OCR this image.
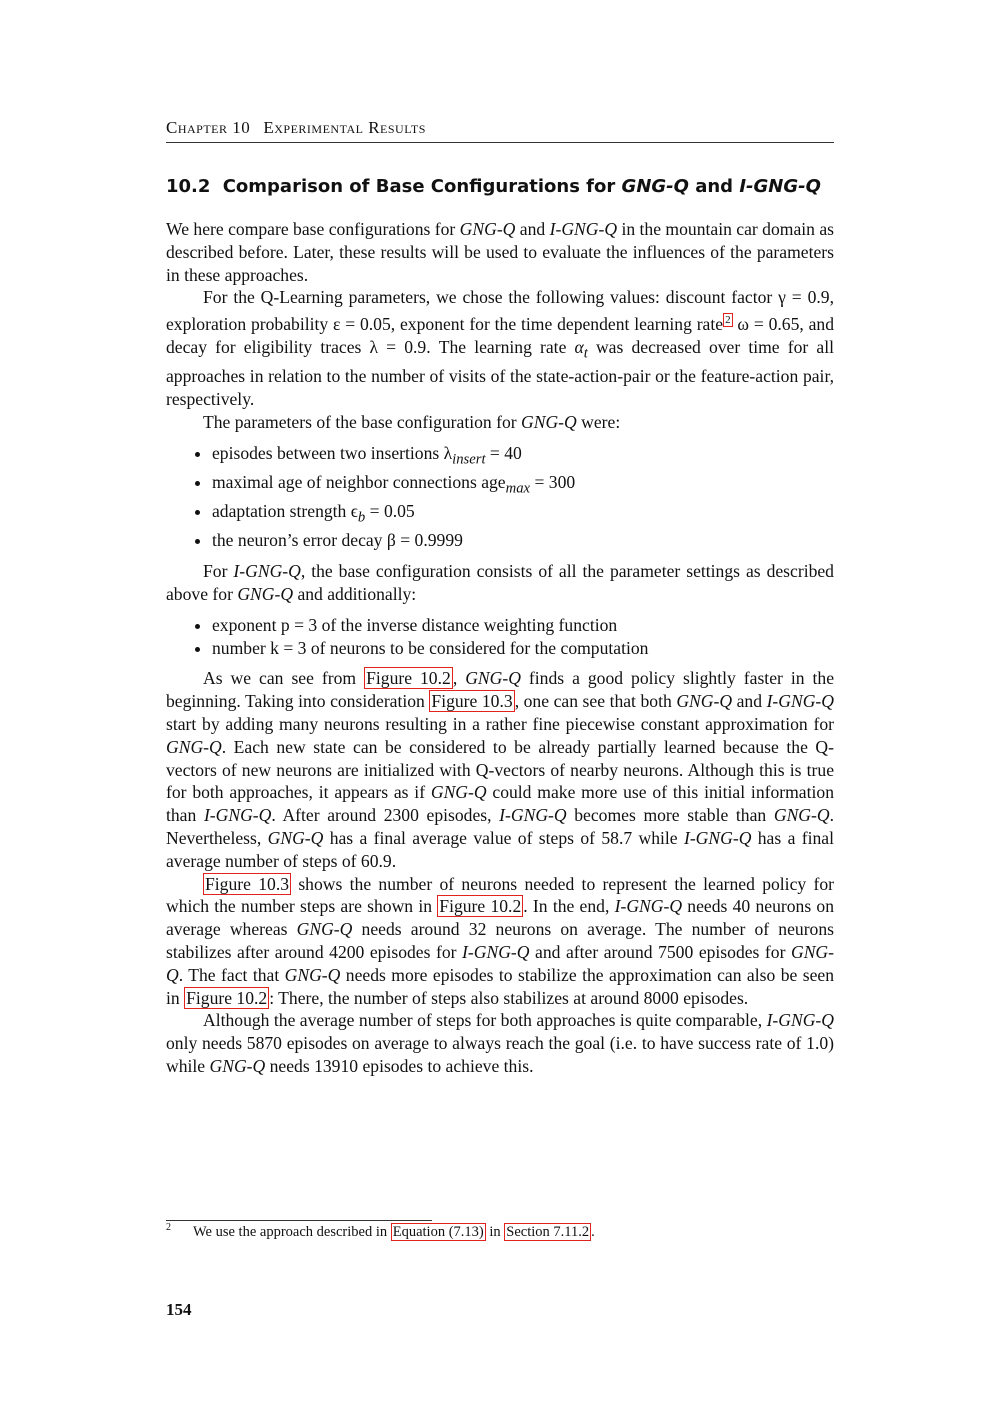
Chapter 10 Experimental Results
10.2 Comparison of Base Configurations for GNG-Q and I-GNG-Q

We here compare base configurations for GNG-Q and I-GNG-Q in the mountain car domain as described before. Later, these results will be used to evaluate the influences of the parameters in these approaches.

For the Q-Learning parameters, we chose the following values: discount factor γ = 0.9, exploration probability ε = 0.05, exponent for the time dependent learning rate $^2$ ω = 0.65, and decay for eligibility traces λ = 0.9. The learning rate $\alpha_t$ was decreased over time for all approaches in relation to the number of visits of the state-action-pair or the feature-action pair, respectively.

The parameters of the base configuration for GNG-Q were:

• episodes between two insertions $\lambda_{insert} = 40$
• maximal age of neighbor connections age$_{max}$ = 300
• adaptation strength $\epsilon_b = 0.05$
• the neuron’s error decay β = 0.9999

For I-GNG-Q, the base configuration consists of all the parameter settings as described above for GNG-Q and additionally:

• exponent p = 3 of the inverse distance weighting function
• number k = 3 of neurons to be considered for the computation

As we can see from Figure 10.2 , GNG-Q finds a good policy slightly faster in the beginning. Taking into consideration Figure 10.3 , one can see that both GNG-Q and I-GNG-Q start by adding many neurons resulting in a rather fine piecewise constant approximation for GNG-Q. Each new state can be considered to be already partially learned because the Q-vectors of new neurons are initialized with Q-vectors of nearby neurons. Although this is true for both approaches, it appears as if GNG-Q could make more use of this initial information than I-GNG-Q. After around 2300 episodes, I-GNG-Q becomes more stable than GNG-Q. Nevertheless, GNG-Q has a final average value of steps of 58.7 while I-GNG-Q has a final average number of steps of 60.9.

Figure 10.3 shows the number of neurons needed to represent the learned policy for which the number steps are shown in Figure 10.2 . In the end, I-GNG-Q needs 40 neurons on average whereas GNG-Q needs around 32 neurons on average. The number of neurons stabilizes after around 4200 episodes for I-GNG-Q and after around 7500 episodes for GNG-Q. The fact that GNG-Q needs more episodes to stabilize the approximation can also be seen in Figure 10.2 : There, the number of steps also stabilizes at around 8000 episodes.

Although the average number of steps for both approaches is quite comparable, I-GNG-Q only needs 5870 episodes on average to always reach the goal (i.e. to have success rate of 1.0) while GNG-Q needs 13910 episodes to achieve this.

$^2$ We use the approach described in Equation (7.13) in Section 7.11.2 .
154
